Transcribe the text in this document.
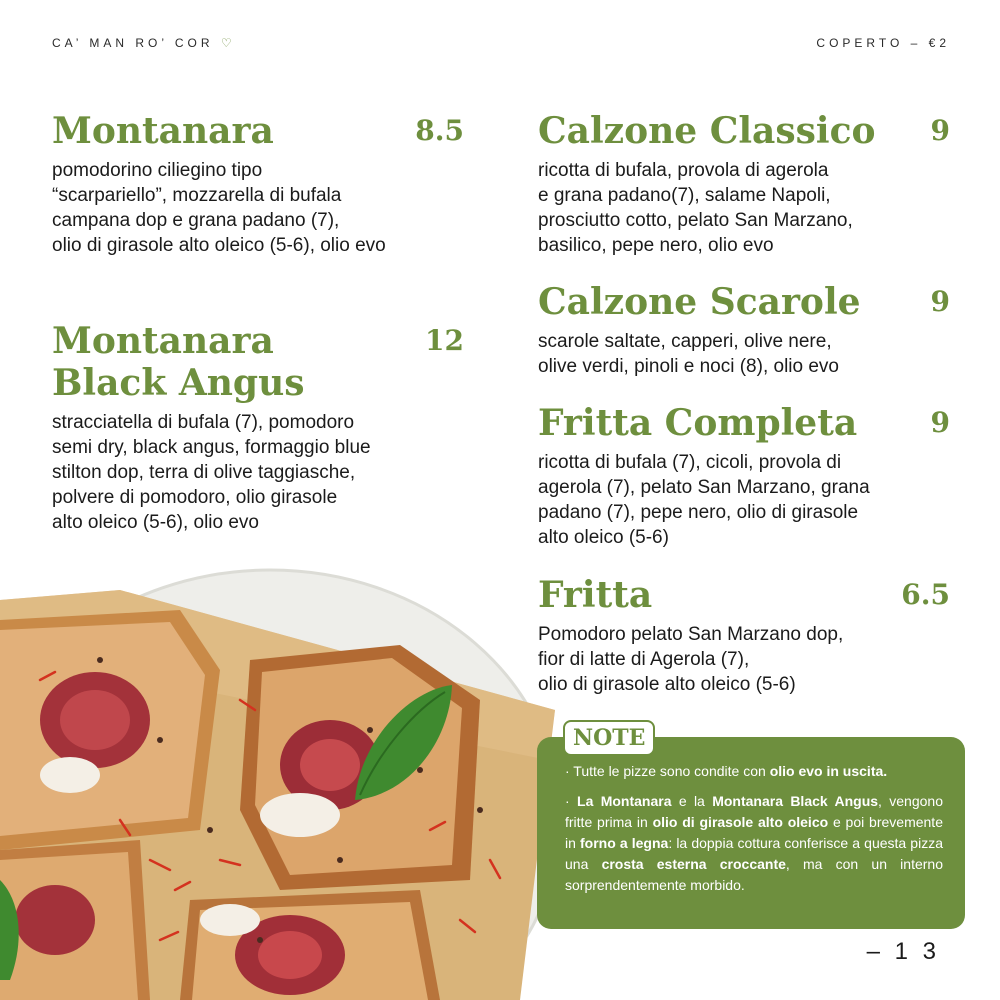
CA’ MAN RO’ COR ♡	COPERTO – €2
Montanara	8.5
pomodorino ciliegino tipo
“scarpariello”, mozzarella di bufala
campana dop e grana padano (7),
olio di girasole alto oleico (5-6), olio evo
Montanara
Black Angus
12
stracciatella di bufala (7), pomodoro
semi dry, black angus, formaggio blue
stilton dop, terra di olive taggiasche,
polvere di pomodoro, olio girasole
alto oleico (5-6), olio evo
Calzone Classico	9
ricotta di bufala, provola di agerola
e grana padano(7), salame Napoli,
prosciutto cotto, pelato San Marzano,
basilico, pepe nero, olio evo
Calzone Scarole	9
scarole saltate, capperi, olive nere,
olive verdi, pinoli e noci (8), olio evo
Fritta Completa	9
ricotta di bufala (7), cicoli, provola di
agerola (7), pelato San Marzano, grana
padano (7), pepe nero, olio di girasole
alto oleico (5-6)
Fritta	6.5
Pomodoro pelato San Marzano dop,
fior di latte di Agerola (7),
olio di girasole alto oleico (5-6)
· Tutte le pizze sono condite con olio evo in uscita.
· La Montanara e la Montanara Black Angus, vengono fritte prima in olio di girasole alto oleico e poi brevemente in forno a legna: la doppia cottura conferisce a questa pizza una crosta esterna croccante, ma con un interno sorprendentemente morbido.
NOTE
– 1 3
